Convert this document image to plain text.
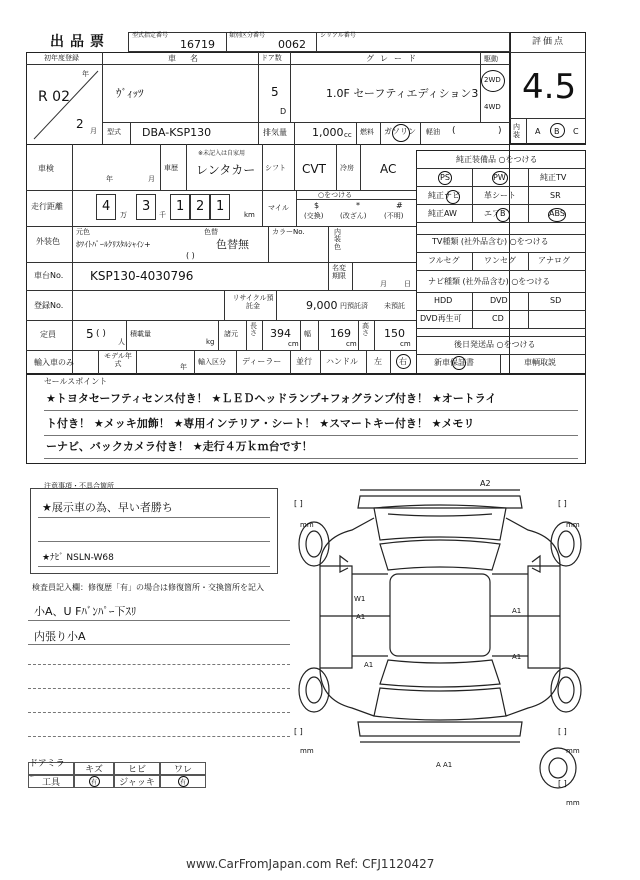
出品票	型式指定番号
16719
類別区分番号
0062
シリアル番号
評価点
4.5
初年度登録
年
R 02
2 月
車名
ｳﾞｨｯﾂ
ドア数
5
D
グレード
1.0F セーフティエディション3
駆動
2WD
4WD
型式 DBA-KSP130	排気量 1,000 cc 燃料 ガソリン 軽油 (	) 内装	A B C
車検
年	月
車歴
※未記入は自家用
レンタカー シフト CVT 冷房 AC
走行距離	4
万
3
千
1 2 1
km
マイル
○をつける
$
(交換)
*
(改ざん)
#
(不明)
外装色
元色
ﾎﾜｲﾄﾊﾟｰﾙｸﾘｽﾀﾙｼｬｲﾝ+
色替
色替無
( )
カラーNo.	内装色
車台No. KSP130-4030796
名変期限
月 日
登録No.
リサイクル預託金	9,000 円預託済 未預託
定員	5 ( )
人
積載量
kg
諸元
長さ 394
cm
幅 169
cm
高さ 150
cm
輸入車のみ
モデル年式	年
輸入区分 ディーラー 並行 ハンドル 左 右
純正装備品 ○をつける
PS	PW	純正TV
純正ナビ	革シート	SR
純正AW	エアB	ABS
TV種類 (社外品含む) ○をつける
フルセグ	ワンセグ	アナログ
ナビ種類 (社外品含む) ○をつける
HDD	DVD	SD
DVD再生可	CD
後日発送品 ○をつける
新車保証書	車輌取説
セールスポイント
★トヨタセーフティセンス付き！ ★ＬＥＤヘッドランプ+フォグランプ付き！ ★オートライ
ト付き！ ★メッキ加飾！ ★専用インテリア・シート！ ★スマートキー付き！ ★メモリ
ーナビ、バックカメラ付き！ ★走行４万ｋｍ台です！
注意事項・不具合箇所
★展示車の為、早い者勝ち
★ﾅﾋﾞ NSLN-W68
検査員記入欄：修復歴「有」の場合は修復箇所・交換箇所を記入
小A、U Fﾊﾞﾝﾊﾟｰ下ｽﾘ
内張り小A
ドアミラー
キズ	ヒビ	ワレ
工具	有	ジャッキ	有
A2
W1
A1
A1
A1
A1
A A1
[ ]
mm
[ ]
mm
[ ]
mm
[ ]
mm
[ ]
mm
www.CarFromJapan.com Ref: CFJ1120427
